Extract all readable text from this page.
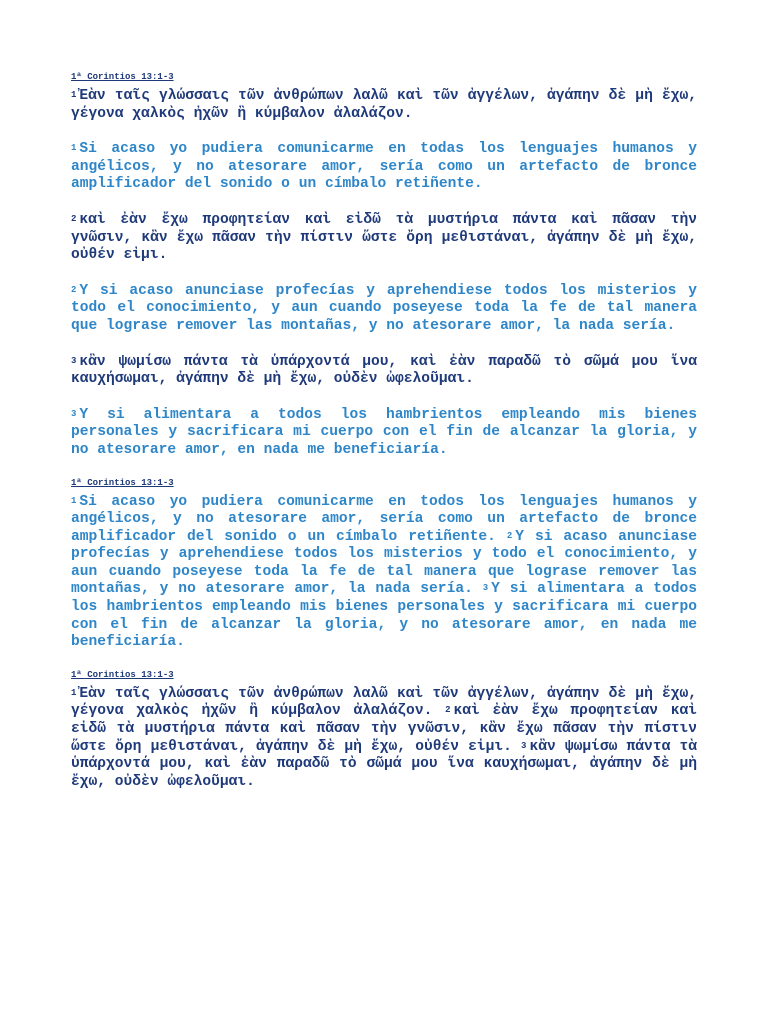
1ª Corintios 13:1-3

$^1$ Ἐὰν ταῖς γλώσσαις τῶν ἀνθρώπων λαλῶ καὶ τῶν ἀγγέλων, ἀγάπην δὲ μὴ ἔχω, γέγονα χαλκὸς ἠχῶν ἢ κύμβαλον ἀλαλάζον.

$^1$ Si acaso yo pudiera comunicarme en todas los lenguajes humanos y angélicos, y no atesorare amor, sería como un artefacto de bronce amplificador del sonido o un címbalo retiñente.

$^2$ καὶ ἐὰν ἔχω προφητείαν καὶ εἰδῶ τὰ μυστήρια πάντα καὶ πᾶσαν τὴν γνῶσιν, κἂν ἔχω πᾶσαν τὴν πίστιν ὥστε ὄρη μεθιστάναι, ἀγάπην δὲ μὴ ἔχω, οὐθέν εἰμι.

$^2$ Y si acaso anunciase profecías y aprehendiese todos los misterios y todo el conocimiento, y aun cuando poseyese toda la fe de tal manera que lograse remover las montañas, y no atesorare amor, la nada sería.

$^3$ κἂν ψωμίσω πάντα τὰ ὑπάρχοντά μου, καὶ ἐὰν παραδῶ τὸ σῶμά μου ἵνα καυχήσωμαι, ἀγάπην δὲ μὴ ἔχω, οὐδὲν ὠφελοῦμαι.

$^3$ Y si alimentara a todos los hambrientos empleando mis bienes personales y sacrificara mi cuerpo con el fin de alcanzar la gloria, y no atesorare amor, en nada me beneficiaría.

1ª Corintios 13:1-3

$^1$ Si acaso yo pudiera comunicarme en todos los lenguajes humanos y angélicos, y no atesorare amor, sería como un artefacto de bronce amplificador del sonido o un címbalo retiñente. $^2$ Y si acaso anunciase profecías y aprehendiese todos los misterios y todo el conocimiento, y aun cuando poseyese toda la fe de tal manera que lograse remover las montañas, y no atesorare amor, la nada sería. $^3$ Y si alimentara a todos los hambrientos empleando mis bienes personales y sacrificara mi cuerpo con el fin de alcanzar la gloria, y no atesorare amor, en nada me beneficiaría.

1ª Corintios 13:1-3

$^1$ Ἐὰν ταῖς γλώσσαις τῶν ἀνθρώπων λαλῶ καὶ τῶν ἀγγέλων, ἀγάπην δὲ μὴ ἔχω, γέγονα χαλκὸς ἠχῶν ἢ κύμβαλον ἀλαλάζον. $^2$ καὶ ἐὰν ἔχω προφητείαν καὶ εἰδῶ τὰ μυστήρια πάντα καὶ πᾶσαν τὴν γνῶσιν, κἂν ἔχω πᾶσαν τὴν πίστιν ὥστε ὄρη μεθιστάναι, ἀγάπην δὲ μὴ ἔχω, οὐθέν εἰμι. $^3$ κἂν ψωμίσω πάντα τὰ ὑπάρχοντά μου, καὶ ἐὰν παραδῶ τὸ σῶμά μου ἵνα καυχήσωμαι, ἀγάπην δὲ μὴ ἔχω, οὐδὲν ὠφελοῦμαι.
